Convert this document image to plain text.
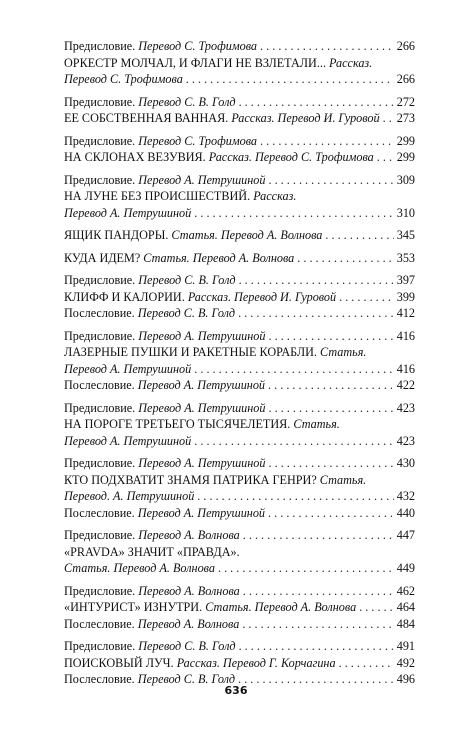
Предисловие. Перевод С. Трофимова . . .	266
ОРКЕСТР МОЛЧАЛ, И ФЛАГИ НЕ ВЗЛЕТАЛИ... Рассказ.
Перевод С. Трофимова . . .	266
Предисловие. Перевод С. В. Голд . . .	272
ЕЕ СОБСТВЕННАЯ ВАННАЯ. Рассказ. Перевод И. Гуровой . . . 273
Предисловие. Перевод С. Трофимова . . .	299
НА СКЛОНАХ ВЕЗУВИЯ. Рассказ. Перевод С. Трофимова . . . 299
Предисловие. Перевод А. Петрушиной . . .	309
НА ЛУНЕ БЕЗ ПРОИСШЕСТВИЙ. Рассказ.
Перевод А. Петрушиной . . .	310
ЯЩИК ПАНДОРЫ. Статья. Перевод А. Волнова . . .	345
КУДА ИДЕМ? Статья. Перевод А. Волнова . . .	353
Предисловие. Перевод С. В. Голд . . .	397
КЛИФФ И КАЛОРИИ. Рассказ. Перевод И. Гуровой . . .	399
Послесловие. Перевод С. В. Голд . . .	412
Предисловие. Перевод А. Петрушиной . . .	416
ЛАЗЕРНЫЕ ПУШКИ И РАКЕТНЫЕ КОРАБЛИ. Статья.
Перевод А. Петрушиной . . .	416
Послесловие. Перевод А. Петрушиной . . .	422
Предисловие. Перевод А. Петрушиной . . .	423
НА ПОРОГЕ ТРЕТЬЕГО ТЫСЯЧЕЛЕТИЯ. Статья.
Перевод А. Петрушиной . . .	423
Предисловие. Перевод А. Петрушиной . . .	430
КТО ПОДХВАТИТ ЗНАМЯ ПАТРИКА ГЕНРИ? Статья.
Перевод. А. Петрушиной . . .	432
Послесловие. Перевод А. Петрушиной . . .	440
Предисловие. Перевод А. Волнова . . .	447
«PRAVDA» ЗНАЧИТ «ПРАВДА».
Статья. Перевод А. Волнова . . .	449
Предисловие. Перевод А. Волнова . . .	462
«ИНТУРИСТ» ИЗНУТРИ. Статья. Перевод А. Волнова . . .	464
Послесловие. Перевод А. Волнова . . .	484
Предисловие. Перевод С. В. Голд . . .	491
ПОИСКОВЫЙ ЛУЧ. Рассказ. Перевод Г. Корчагина . . .	492
Послесловие. Перевод С. В. Голд . . .	496
636
